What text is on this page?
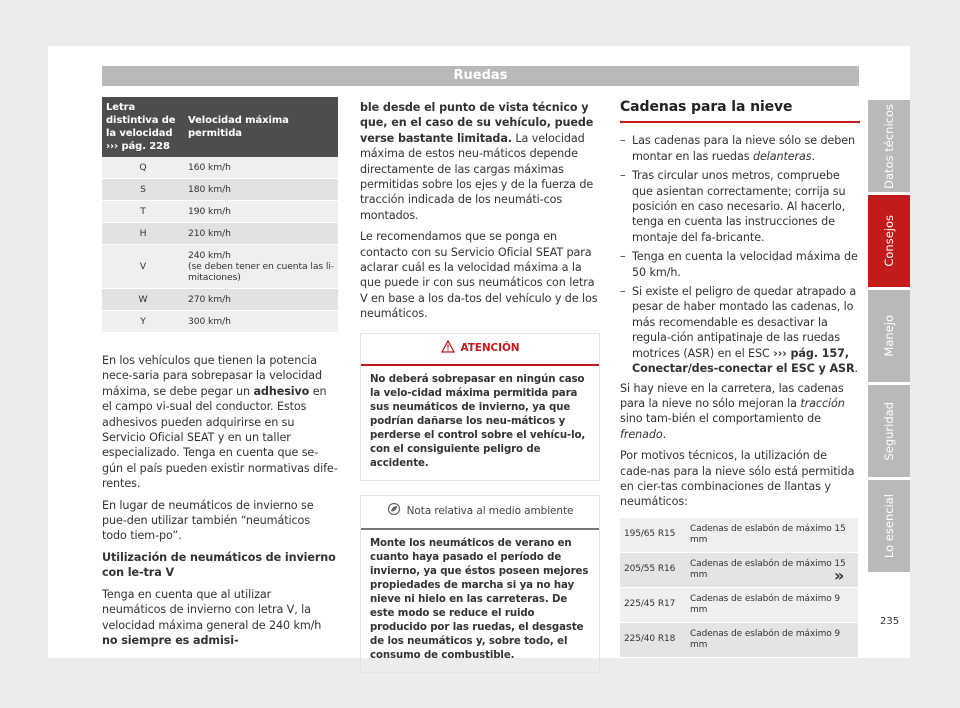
Ruedas
Letra distintiva de la velocidad ››› pág. 228	Velocidad máxima permitida
Q	160 km/h
S	180 km/h
T	190 km/h
H	210 km/h
V	240 km/h
(se deben tener en cuenta las li-
mitaciones)
W	270 km/h
Y	300 km/h

En los vehículos que tienen la potencia nece-saria para sobrepasar la velocidad máxima, se debe pegar un adhesivo en el campo vi-sual del conductor. Estos adhesivos pueden adquirirse en su Servicio Oficial SEAT y en un taller especializado. Tenga en cuenta que se-gún el país pueden existir normativas dife-rentes.

En lugar de neumáticos de invierno se pue-den utilizar también “neumáticos todo tiem-po”.

Utilización de neumáticos de invierno con le-tra V

Tenga en cuenta que al utilizar neumáticos de invierno con letra V, la velocidad máxima general de 240 km/h no siempre es admisi-

ble desde el punto de vista técnico y que, en el caso de su vehículo, puede verse bastante limitada. La velocidad máxima de estos neu-máticos depende directamente de las cargas máximas permitidas sobre los ejes y de la fuerza de tracción indicada de los neumáti-cos montados.

Le recomendamos que se ponga en contacto con su Servicio Oficial SEAT para aclarar cuál es la velocidad máxima a la que puede ir con sus neumáticos con letra V en base a los da-tos del vehículo y de los neumáticos.

ATENCIÓN
No deberá sobrepasar en ningún caso la velo-cidad máxima permitida para sus neumáticos de invierno, ya que podrían dañarse los neu-máticos y perderse el control sobre el vehícu-lo, con el consiguiente peligro de accidente.
Nota relativa al medio ambiente
Monte los neumáticos de verano en cuanto haya pasado el período de invierno, ya que éstos poseen mejores propiedades de marcha si ya no hay nieve ni hielo en las carreteras. De este modo se reduce el ruido producido por las ruedas, el desgaste de los neumáticos y, sobre todo, el consumo de combustible.
Cadenas para la nieve
– Las cadenas para la nieve sólo se deben montar en las ruedas delanteras.
– Tras circular unos metros, compruebe que asientan correctamente; corrija su posición en caso necesario. Al hacerlo, tenga en cuenta las instrucciones de montaje del fa-bricante.
– Tenga en cuenta la velocidad máxima de 50 km/h.
– Si existe el peligro de quedar atrapado a pesar de haber montado las cadenas, lo más recomendable es desactivar la regula-ción antipatinaje de las ruedas motrices (ASR) en el ESC ››› pág. 157, Conectar/des-conectar el ESC y ASR.

Si hay nieve en la carretera, las cadenas para la nieve no sólo mejoran la tracción sino tam-bién el comportamiento de frenado.

Por motivos técnicos, la utilización de cade-nas para la nieve sólo está permitida en cier-tas combinaciones de llantas y neumáticos:

195/65 R15	Cadenas de eslabón de máximo 15 mm
205/55 R16	Cadenas de eslabón de máximo 15 mm
225/45 R17	Cadenas de eslabón de máximo 9 mm
225/40 R18	Cadenas de eslabón de máximo 9 mm
»
Datos técnicos
Consejos
Manejo
Seguridad
Lo esencial
235
